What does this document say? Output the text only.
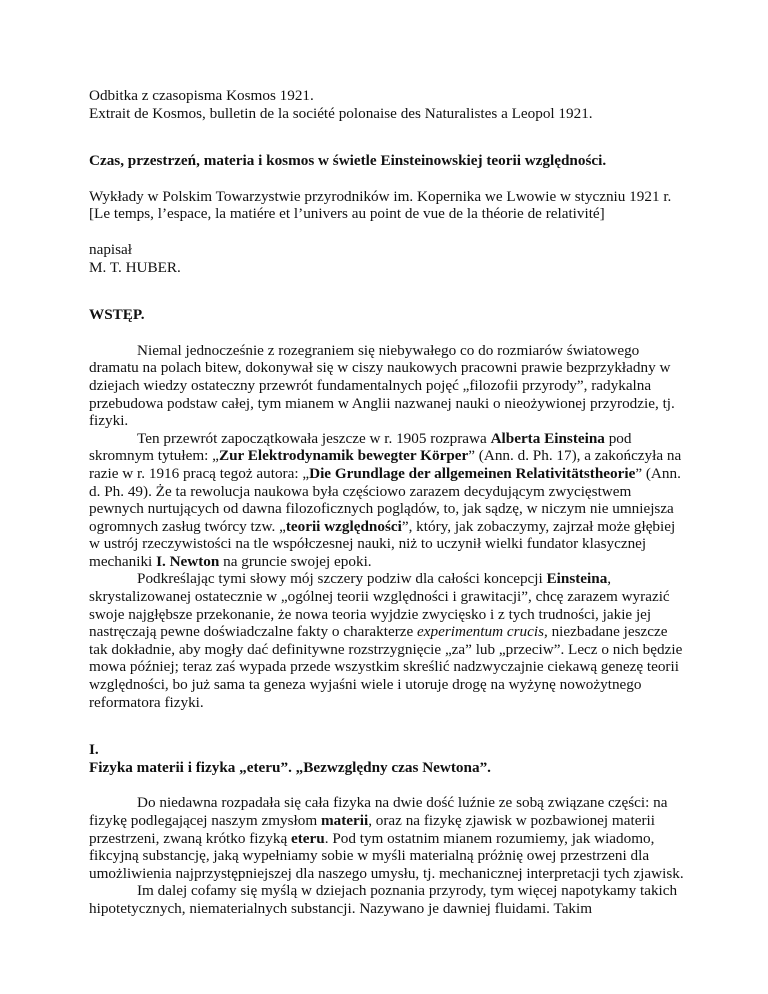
Odbitka z czasopisma Kosmos 1921.
Extrait de Kosmos, bulletin de la société polonaise des Naturalistes a Leopol 1921.

Czas, przestrzeń, materia i kosmos w świetle Einsteinowskiej teorii względności.

Wykłady w Polskim Towarzystwie przyrodników im. Kopernika we Lwowie w styczniu 1921 r.
[Le temps, l’espace, la matiére et l’univers au point de vue de la théorie de relativité]
napisał
M. T. HUBER.

WSTĘP.

Niemal jednocześnie z rozegraniem się niebywałego co do rozmiarów światowego dramatu na polach bitew, dokonywał się w ciszy naukowych pracowni prawie bezprzykładny w dziejach wiedzy ostateczny przewrót fundamentalnych pojęć „filozofii przyrody”, radykalna przebudowa podstaw całej, tym mianem w Anglii nazwanej nauki o nieożywionej przyrodzie, tj. fizyki.

Ten przewrót zapoczątkowała jeszcze w r. 1905 rozprawa Alberta Einsteina pod skromnym tytułem: „Zur Elektrodynamik bewegter Körper” (Ann. d. Ph. 17), a zakończyła na razie w r. 1916 pracą tegoż autora: „Die Grundlage der allgemeinen Relativitätstheorie” (Ann. d. Ph. 49). Że ta rewolucja naukowa była częściowo zarazem decydującym zwycięstwem pewnych nurtujących od dawna filozoficznych poglądów, to, jak sądzę, w niczym nie umniejsza ogromnych zasług twórcy tzw. „teorii względności”, który, jak zobaczymy, zajrzał może głębiej w ustrój rzeczywistości na tle współczesnej nauki, niż to uczynił wielki fundator klasycznej mechaniki I. Newton na gruncie swojej epoki.

Podkreślając tymi słowy mój szczery podziw dla całości koncepcji Einsteina, skrystalizowanej ostatecznie w „ogólnej teorii względności i grawitacji”, chcę zarazem wyrazić swoje najgłębsze przekonanie, że nowa teoria wyjdzie zwycięsko i z tych trudności, jakie jej nastręczają pewne doświadczalne fakty o charakterze experimentum crucis, niezbadane jeszcze tak dokładnie, aby mogły dać definitywne rozstrzygnięcie „za” lub „przeciw”. Lecz o nich będzie mowa później; teraz zaś wypada przede wszystkim skreślić nadzwyczajnie ciekawą genezę teorii względności, bo już sama ta geneza wyjaśni wiele i utoruje drogę na wyżynę nowożytnego reformatora fizyki.

I.
Fizyka materii i fizyka „eteru”. „Bezwzględny czas Newtona”.

Do niedawna rozpadała się cała fizyka na dwie dość luźnie ze sobą związane części: na fizykę podlegającej naszym zmysłom materii, oraz na fizykę zjawisk w pozbawionej materii przestrzeni, zwaną krótko fizyką eteru. Pod tym ostatnim mianem rozumiemy, jak wiadomo, fikcyjną substancję, jaką wypełniamy sobie w myśli materialną próżnię owej przestrzeni dla umożliwienia najprzystępniejszej dla naszego umysłu, tj. mechanicznej interpretacji tych zjawisk.

Im dalej cofamy się myślą w dziejach poznania przyrody, tym więcej napotykamy takich hipotetycznych, niematerialnych substancji. Nazywano je dawniej fluidami. Takim
